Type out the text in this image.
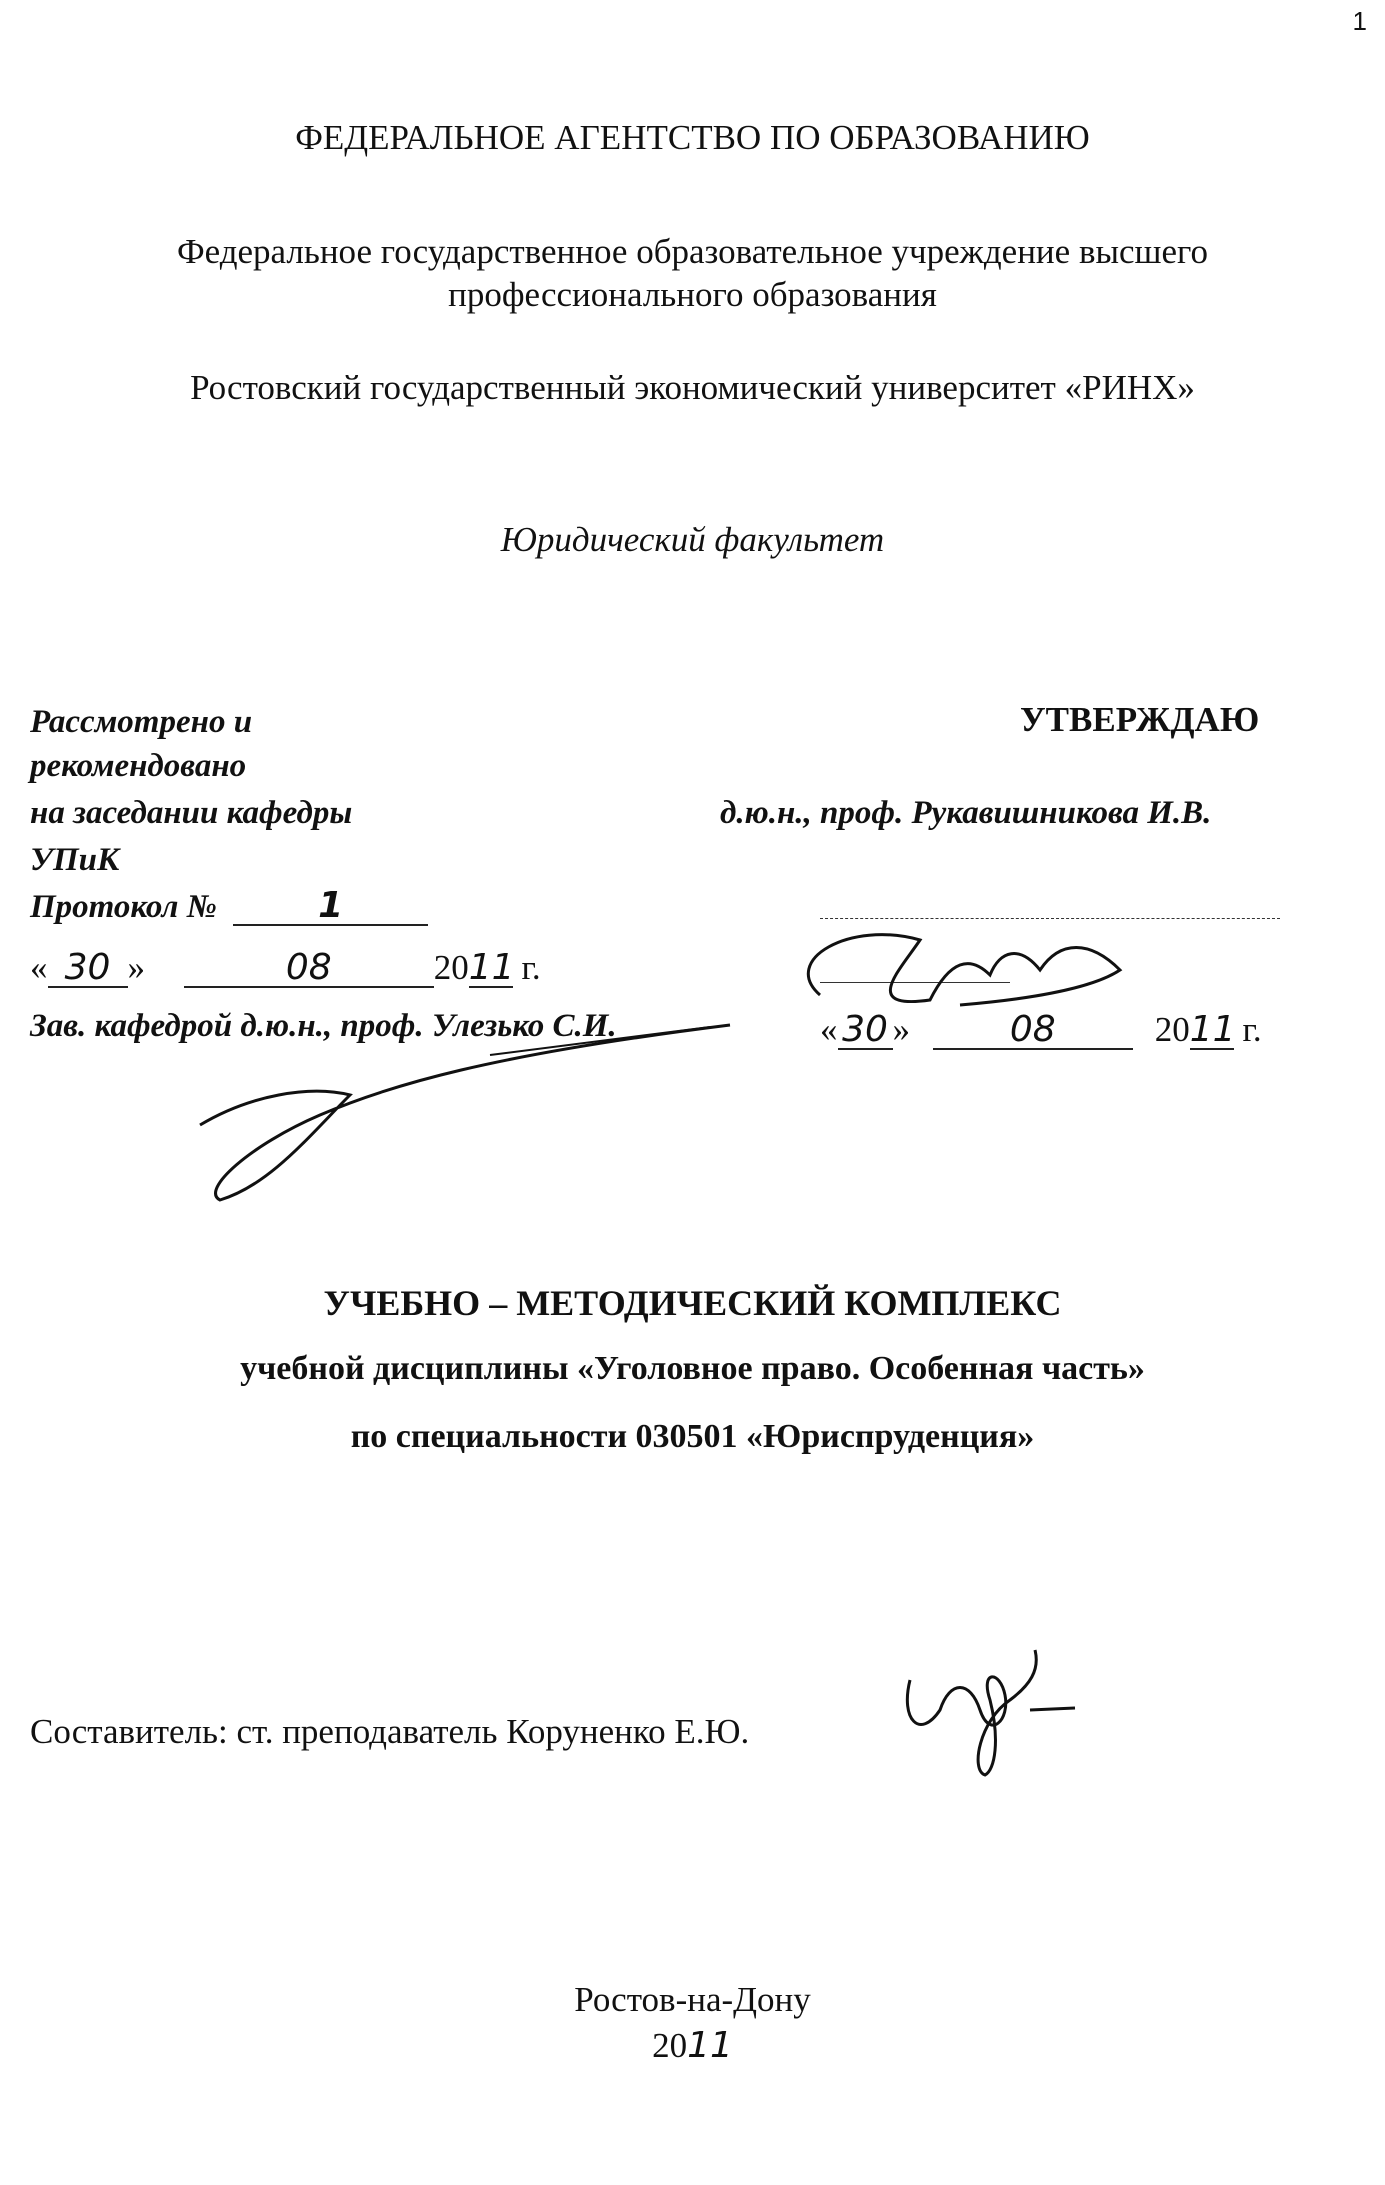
1
ФЕДЕРАЛЬНОЕ АГЕНТСТВО ПО ОБРАЗОВАНИЮ
Федеральное государственное образовательное учреждение высшего
профессионального образования
Ростовский государственный экономический университет «РИНХ»
Юридический факультет
Рассмотрено и
рекомендовано
на заседании кафедры
УПиК
Протокол №	1
« 30 »	08	2011 г.
Зав. кафедрой д.ю.н., проф. Улезько С.И.
УТВЕРЖДАЮ
д.ю.н., проф. Рукавишникова И.В.
« 30 »	08	2011 г.
УЧЕБНО – МЕТОДИЧЕСКИЙ КОМПЛЕКС
учебной дисциплины «Уголовное право. Особенная часть»
по специальности 030501 «Юриспруденция»
Составитель: ст. преподаватель Коруненко Е.Ю.
Ростов-на-Дону
2011
